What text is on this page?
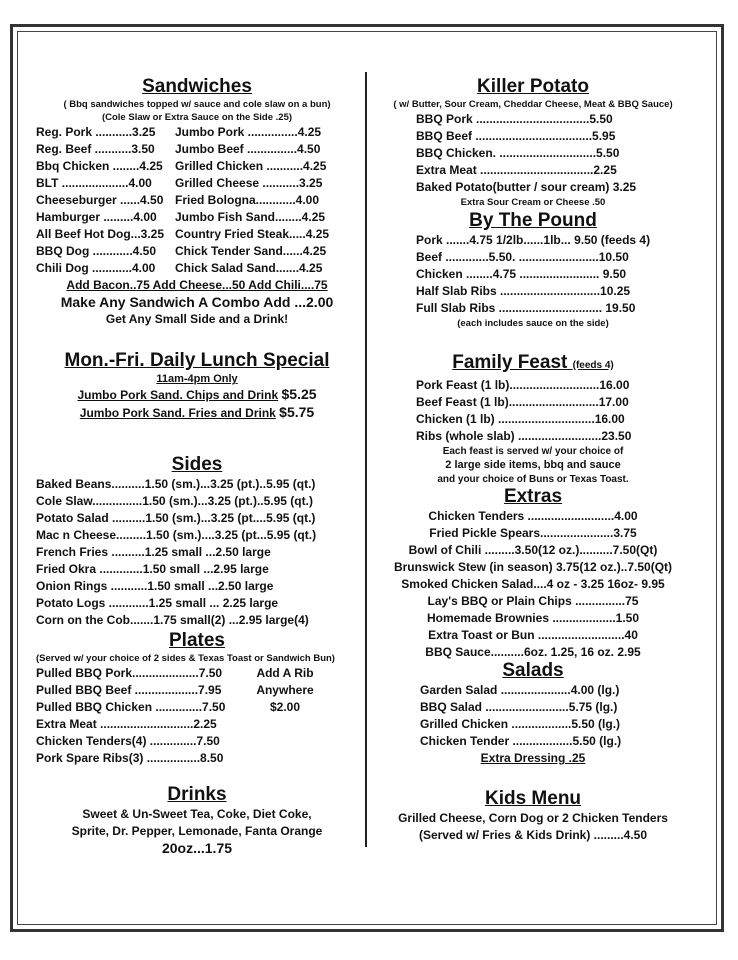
Sandwiches
( Bbq sandwiches topped w/ sauce and cole slaw on a bun)
(Cole Slaw or Extra Sauce on the Side .25)
Reg. Pork ...........3.25 Jumbo Pork ...............4.25
Reg. Beef ...........3.50 Jumbo Beef ...............4.50
Bbq Chicken ........4.25 Grilled Chicken ...........4.25
BLT ....................4.00 Grilled Cheese ...........3.25
Cheeseburger ......4.50 Fried Bologna............4.00
Hamburger .........4.00 Jumbo Fish Sand........4.25
All Beef Hot Dog...3.25 Country Fried Steak.....4.25
BBQ Dog ............4.50 Chick Tender Sand......4.25
Chili Dog ............4.00 Chick Salad Sand.......4.25
Add Bacon..75 Add Cheese...50 Add Chili....75
Make Any Sandwich A Combo Add ...2.00
Get Any Small Side and a Drink!
Mon.-Fri. Daily Lunch Special
11am-4pm Only
Jumbo Pork Sand. Chips and Drink $5.25
Jumbo Pork Sand. Fries and Drink $5.75
Sides
Baked Beans..........1.50 (sm.)...3.25 (pt.)..5.95 (qt.)
Cole Slaw...............1.50 (sm.)...3.25 (pt.)..5.95 (qt.)
Potato Salad ..........1.50 (sm.)...3.25 (pt....5.95 (qt.)
Mac n Cheese.........1.50 (sm.)....3.25 (pt...5.95 (qt.)
French Fries ..........1.25 small ...2.50 large
Fried Okra .............1.50 small ...2.95 large
Onion Rings ...........1.50 small ...2.50 large
Potato Logs ............1.25 small ... 2.25 large
Corn on the Cob.......1.75 small(2) ...2.95 large(4)
Plates
(Served w/ your choice of 2 sides & Texas Toast or Sandwich Bun)
Pulled BBQ Pork....................7.50
Pulled BBQ Beef ...................7.95
Pulled BBQ Chicken ..............7.50
Extra Meat ............................2.25
Chicken Tenders(4) ..............7.50
Pork Spare Ribs(3) ................8.50
Add A Rib
Anywhere
$2.00
Drinks
Sweet & Un-Sweet Tea, Coke, Diet Coke,
Sprite, Dr. Pepper, Lemonade, Fanta Orange
20oz...1.75
Killer Potato
( w/ Butter, Sour Cream, Cheddar Cheese, Meat & BBQ Sauce)
BBQ Pork ..................................5.50
BBQ Beef ...................................5.95
BBQ Chicken. .............................5.50
Extra Meat ..................................2.25
Baked Potato(butter / sour cream) 3.25
Extra Sour Cream or Cheese .50
By The Pound
Pork .......4.75 1/2lb......1lb... 9.50 (feeds 4)
Beef .............5.50. ........................10.50
Chicken ........4.75 ........................ 9.50
Half Slab Ribs ..............................10.25
Full Slab Ribs ............................... 19.50
(each includes sauce on the side)
Family Feast (feeds 4)
Pork Feast (1 lb)...........................16.00
Beef Feast (1 lb)...........................17.00
Chicken (1 lb) .............................16.00
Ribs (whole slab) .........................23.50
Each feast is served w/ your choice of
2 large side items, bbq and sauce
and your choice of Buns or Texas Toast.
Extras
Chicken Tenders ..........................4.00
Fried Pickle Spears......................3.75
Bowl of Chili .........3.50(12 oz.)..........7.50(Qt)
Brunswick Stew (in season) 3.75(12 oz.)..7.50(Qt)
Smoked Chicken Salad....4 oz - 3.25 16oz- 9.95
Lay's BBQ or Plain Chips ...............75
Homemade Brownies ...................1.50
Extra Toast or Bun ..........................40
BBQ Sauce..........6oz. 1.25, 16 oz. 2.95
Salads
Garden Salad .....................4.00 (lg.)
BBQ Salad .........................5.75 (lg.)
Grilled Chicken ..................5.50 (lg.)
Chicken Tender ..................5.50 (lg.)
Extra Dressing .25
Kids Menu
Grilled Cheese, Corn Dog or 2 Chicken Tenders
(Served w/ Fries & Kids Drink) .........4.50
